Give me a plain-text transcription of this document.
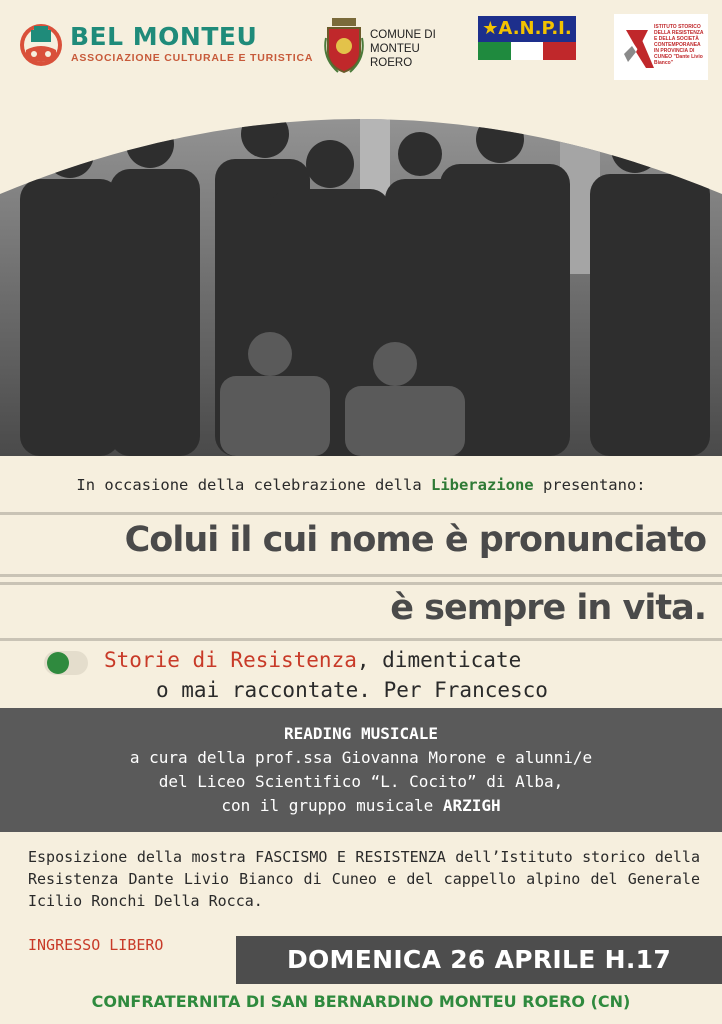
BEL MONTEU
ASSOCIAZIONE CULTURALE E TURISTICA
COMUNE DI
MONTEU ROERO
★A.N.P.I.	ISTITUTO STORICO DELLA RESISTENZA E DELLA SOCIETÀ CONTEMPORANEA IN PROVINCIA DI CUNEO "Dante Livio Bianco"
In occasione della celebrazione della Liberazione presentano:
Colui il cui nome è pronunciato
è sempre in vita.
Storie di Resistenza, dimenticate
o mai raccontate. Per Francesco
READING MUSICALE
a cura della prof.ssa Giovanna Morone e alunni/e
del Liceo Scientifico “L. Cocito” di Alba,
con il gruppo musicale ARZIGH
Esposizione della mostra FASCISMO E RESISTENZA dell’Istituto storico della Resistenza Dante Livio Bianco di Cuneo e del cappello alpino del Generale Icilio Ronchi Della Rocca.
INGRESSO LIBERO	DOMENICA 26 APRILE H.17
CONFRATERNITA DI SAN BERNARDINO MONTEU ROERO (CN)
